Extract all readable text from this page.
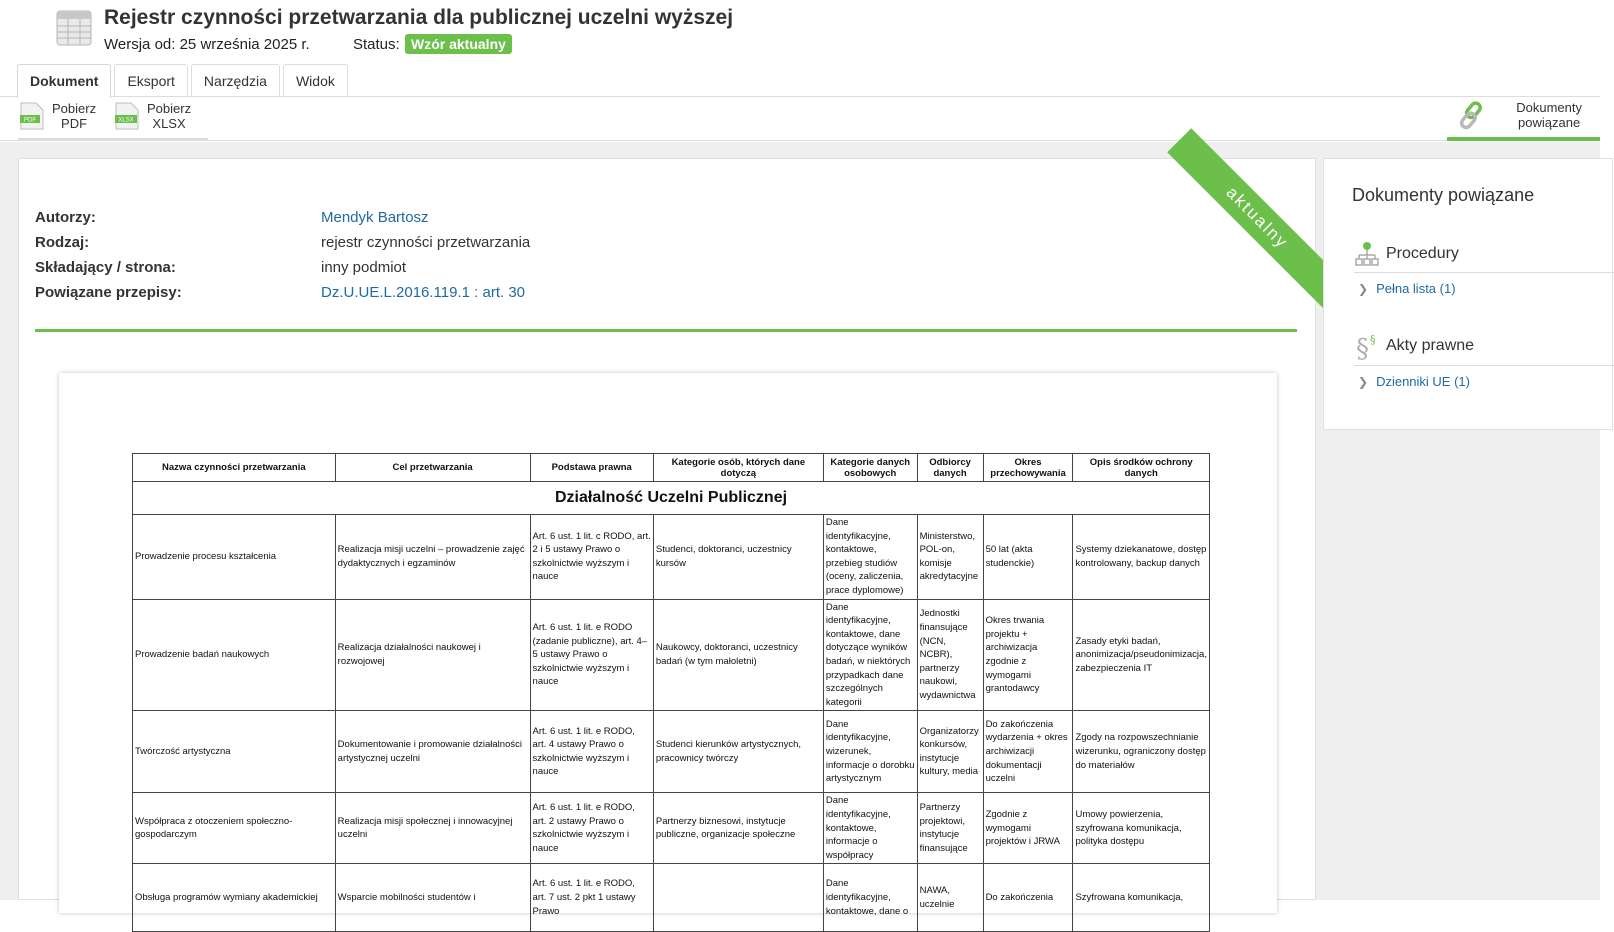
Rejestr czynności przetwarzania dla publicznej uczelni wyższej
Wersja od: 25 września 2025 r.	Status: Wzór aktualny
Dokument	Eksport	Narzędzia	Widok
PDF
Pobierz
PDF	XLSX
Pobierz
XLSX
Dokumenty
powiązane
aktualny
Autorzy:	Mendyk Bartosz
Rodzaj:	rejestr czynności przetwarzania
Składający / strona:	inny podmiot
Powiązane przepisy:	Dz.U.UE.L.2016.119.1 : art. 30
Nazwa czynności przetwarzania	Cel przetwarzania	Podstawa prawna	Kategorie osób, których dane dotyczą	Kategorie danych osobowych	Odbiorcy danych	Okres przechowywania	Opis środków ochrony danych
Działalność Uczelni Publicznej							
Prowadzenie procesu kształcenia	Realizacja misji uczelni – prowadzenie zajęć dydaktycznych i egzaminów	Art. 6 ust. 1 lit. c RODO, art. 2 i 5 ustawy Prawo o szkolnictwie wyższym i nauce	Studenci, doktoranci, uczestnicy kursów	Dane identyfikacyjne, kontaktowe, przebieg studiów (oceny, zaliczenia, prace dyplomowe)	Ministerstwo, POL-on, komisje akredytacyjne	50 lat (akta studenckie)	Systemy dziekanatowe, dostęp kontrolowany, backup danych
Prowadzenie badań naukowych	Realizacja działalności naukowej i rozwojowej	Art. 6 ust. 1 lit. e RODO (zadanie publiczne), art. 4–5 ustawy Prawo o szkolnictwie wyższym i nauce	Naukowcy, doktoranci, uczestnicy badań (w tym małoletni)	Dane identyfikacyjne, kontaktowe, dane dotyczące wyników badań, w niektórych przypadkach dane szczególnych kategorii	Jednostki finansujące (NCN, NCBR), partnerzy naukowi, wydawnictwa	Okres trwania projektu + archiwizacja zgodnie z wymogami grantodawcy	Zasady etyki badań, anonimizacja/pseudonimizacja, zabezpieczenia IT
Twórczość artystyczna	Dokumentowanie i promowanie działalności artystycznej uczelni	Art. 6 ust. 1 lit. e RODO, art. 4 ustawy Prawo o szkolnictwie wyższym i nauce	Studenci kierunków artystycznych, pracownicy twórczy	Dane identyfikacyjne, wizerunek, informacje o dorobku artystycznym	Organizatorzy konkursów, instytucje kultury, media	Do zakończenia wydarzenia + okres archiwizacji dokumentacji uczelni	Zgody na rozpowszechnianie wizerunku, ograniczony dostęp do materiałów
Współpraca z otoczeniem społeczno-gospodarczym	Realizacja misji społecznej i innowacyjnej uczelni	Art. 6 ust. 1 lit. e RODO, art. 2 ustawy Prawo o szkolnictwie wyższym i nauce	Partnerzy biznesowi, instytucje publiczne, organizacje społeczne	Dane identyfikacyjne, kontaktowe, informacje o współpracy	Partnerzy projektowi, instytucje finansujące	Zgodnie z wymogami projektów i JRWA	Umowy powierzenia, szyfrowana komunikacja, polityka dostępu
Obsługa programów wymiany akademickiej	Wsparcie mobilności studentów i	Art. 6 ust. 1 lit. e RODO, art. 7 ust. 2 pkt 1 ustawy Prawo		Dane identyfikacyjne, kontaktowe, dane o	NAWA, uczelnie	Do zakończenia	Szyfrowana komunikacja,
Dokumenty powiązane
Procedury
❯ Pełna lista (1)
§ § Akty prawne
❯ Dzienniki UE (1)
